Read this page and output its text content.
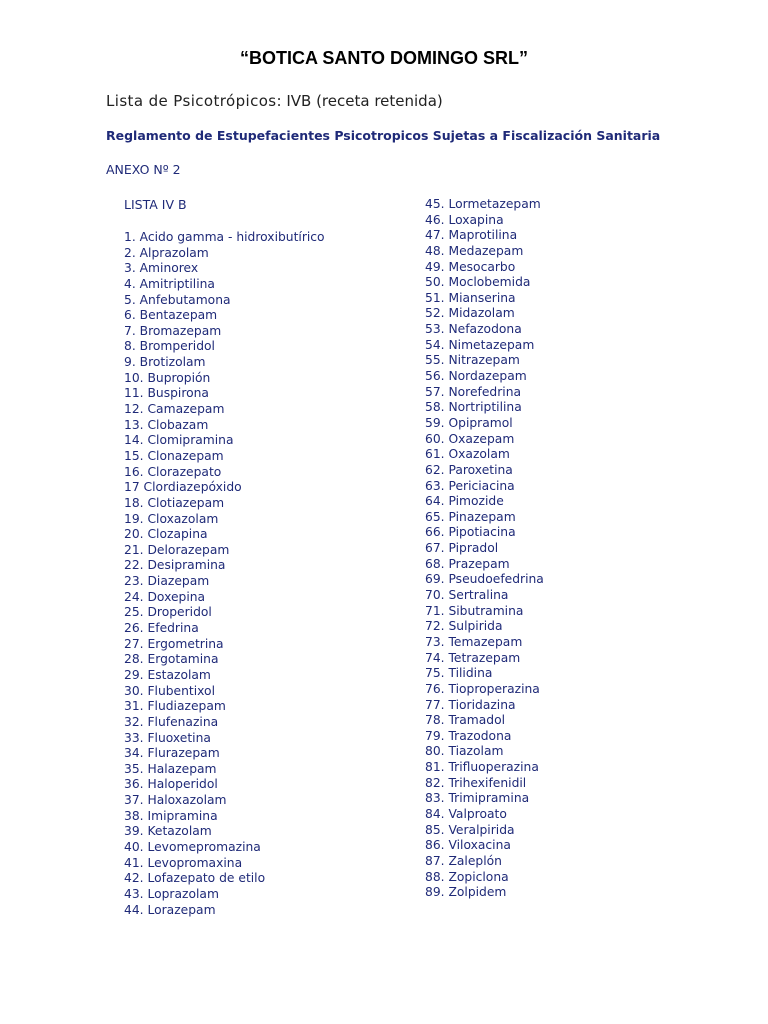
“BOTICA SANTO DOMINGO SRL”

Lista de Psicotrópicos: IVB (receta retenida)

Reglamento de Estupefacientes Psicotropicos Sujetas a Fiscalización Sanitaria

ANEXO Nº 2

LISTA IV B

1. Acido gamma - hidroxibutírico
2. Alprazolam
3. Aminorex
4. Amitriptilina
5. Anfebutamona
6. Bentazepam
7. Bromazepam
8. Bromperidol
9. Brotizolam
10. Bupropión
11. Buspirona
12. Camazepam
13. Clobazam
14. Clomipramina
15. Clonazepam
16. Clorazepato
17 Clordiazepóxido
18. Clotiazepam
19. Cloxazolam
20. Clozapina
21. Delorazepam
22. Desipramina
23. Diazepam
24. Doxepina
25. Droperidol
26. Efedrina
27. Ergometrina
28. Ergotamina
29. Estazolam
30. Flubentixol
31. Fludiazepam
32. Flufenazina
33. Fluoxetina
34. Flurazepam
35. Halazepam
36. Haloperidol
37. Haloxazolam
38. Imipramina
39. Ketazolam
40. Levomepromazina
41. Levopromaxina
42. Lofazepato de etilo
43. Loprazolam
44. Lorazepam
45. Lormetazepam
46. Loxapina
47. Maprotilina
48. Medazepam
49. Mesocarbo
50. Moclobemida
51. Mianserina
52. Midazolam
53. Nefazodona
54. Nimetazepam
55. Nitrazepam
56. Nordazepam
57. Norefedrina
58. Nortriptilina
59. Opipramol
60. Oxazepam
61. Oxazolam
62. Paroxetina
63. Periciacina
64. Pimozide
65. Pinazepam
66. Pipotiacina
67. Pipradol
68. Prazepam
69. Pseudoefedrina
70. Sertralina
71. Sibutramina
72. Sulpirida
73. Temazepam
74. Tetrazepam
75. Tilidina
76. Tioproperazina
77. Tioridazina
78. Tramadol
79. Trazodona
80. Tiazolam
81. Trifluoperazina
82. Trihexifenidil
83. Trimipramina
84. Valproato
85. Veralpirida
86. Viloxacina
87. Zaleplón
88. Zopiclona
89. Zolpidem
